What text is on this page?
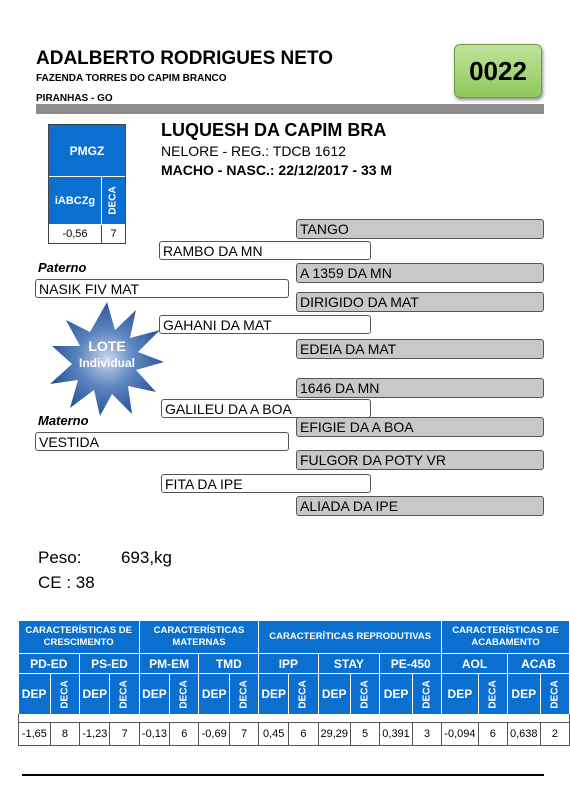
ADALBERTO RODRIGUES NETO
FAZENDA TORRES DO CAPIM BRANCO
PIRANHAS - GO
0022
PMGZ
iABCZg	DECA
-0,56	7
LUQUESH DA CAPIM BRA
NELORE - REG.: TDCB 1612
MACHO - NASC.: 22/12/2017 - 33 M
TANGO
A 1359 DA MN
DIRIGIDO DA MAT
EDEIA DA MAT
1646 DA MN
EFIGIE DA A BOA
FULGOR DA POTY VR
ALIADA DA IPE
RAMBO DA MN
GAHANI DA MAT
GALILEU DA A BOA
FITA DA IPE
Paterno
NASIK FIV MAT
Materno
VESTIDA
LOTE
Individual
Peso: 693,kg
CE : 38
CARACTERÍSTICAS DE CRESCIMENTO				CARACTERÍSTICAS MATERNAS				CARACTERÍTICAS REPRODUTIVAS						CARACTERÍSTICAS DE ACABAMENTO			
PD-ED		PS-ED		PM-EM		TMD		IPP		STAY		PE-450		AOL		ACAB	
DEP	DECA	DEP	DECA	DEP	DECA	DEP	DECA	DEP	DECA	DEP	DECA	DEP	DECA	DEP	DECA	DEP	DECA

-1,65	8	-1,23	7	-0,13	6	-0,69	7	0,45	6	29,29	5	0,391	3	-0,094	6	0,638	2
